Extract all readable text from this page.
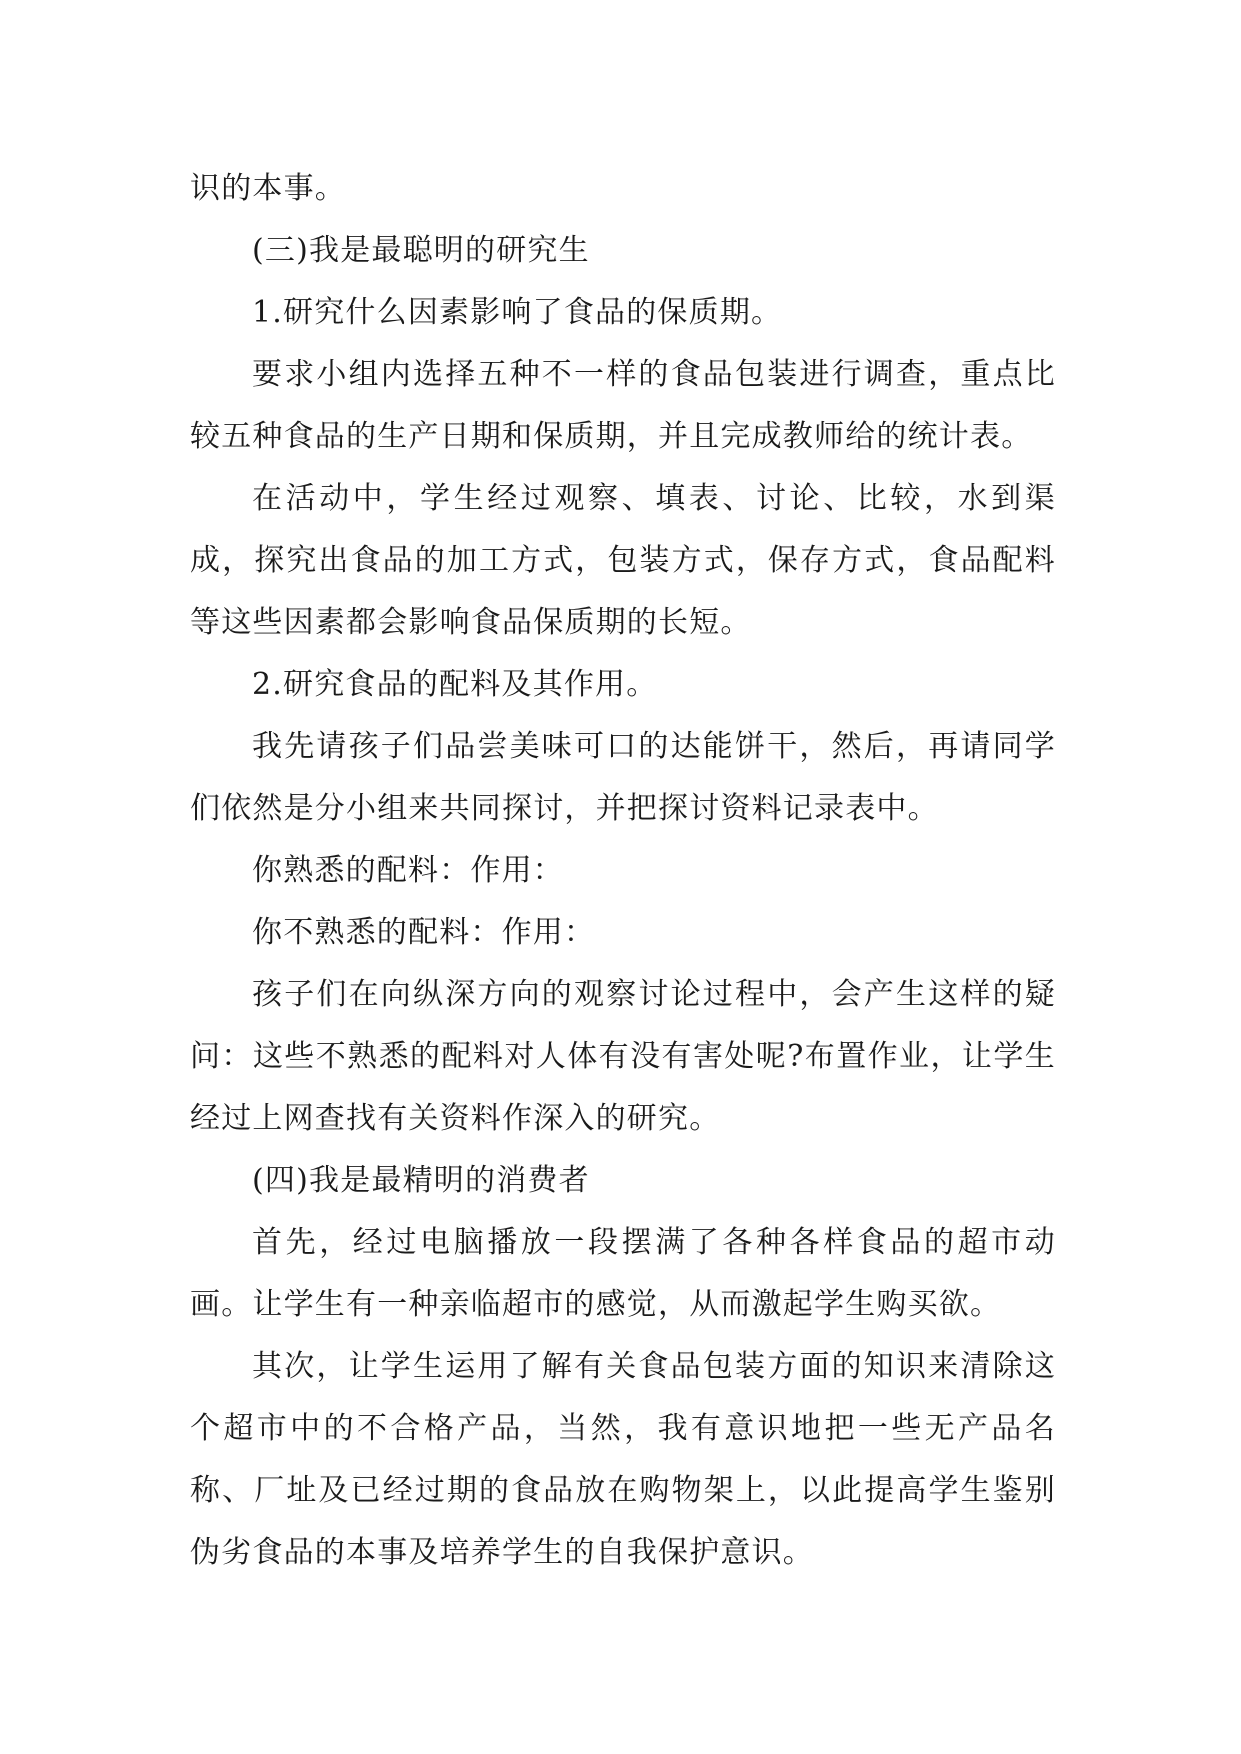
识的本事。

(三)我是最聪明的研究生

1.研究什么因素影响了食品的保质期。

要求小组内选择五种不一样的食品包装进行调查，重点比较五种食品的生产日期和保质期，并且完成教师给的统计表。

在活动中，学生经过观察、填表、讨论、比较，水到渠成，探究出食品的加工方式，包装方式，保存方式，食品配料等这些因素都会影响食品保质期的长短。

2.研究食品的配料及其作用。

我先请孩子们品尝美味可口的达能饼干，然后，再请同学们依然是分小组来共同探讨，并把探讨资料记录表中。

你熟悉的配料：作用：

你不熟悉的配料：作用：

孩子们在向纵深方向的观察讨论过程中，会产生这样的疑问：这些不熟悉的配料对人体有没有害处呢?布置作业，让学生经过上网查找有关资料作深入的研究。

(四)我是最精明的消费者

首先，经过电脑播放一段摆满了各种各样食品的超市动画。让学生有一种亲临超市的感觉，从而激起学生购买欲。

其次，让学生运用了解有关食品包装方面的知识来清除这个超市中的不合格产品，当然，我有意识地把一些无产品名称、厂址及已经过期的食品放在购物架上，以此提高学生鉴别伪劣食品的本事及培养学生的自我保护意识。
